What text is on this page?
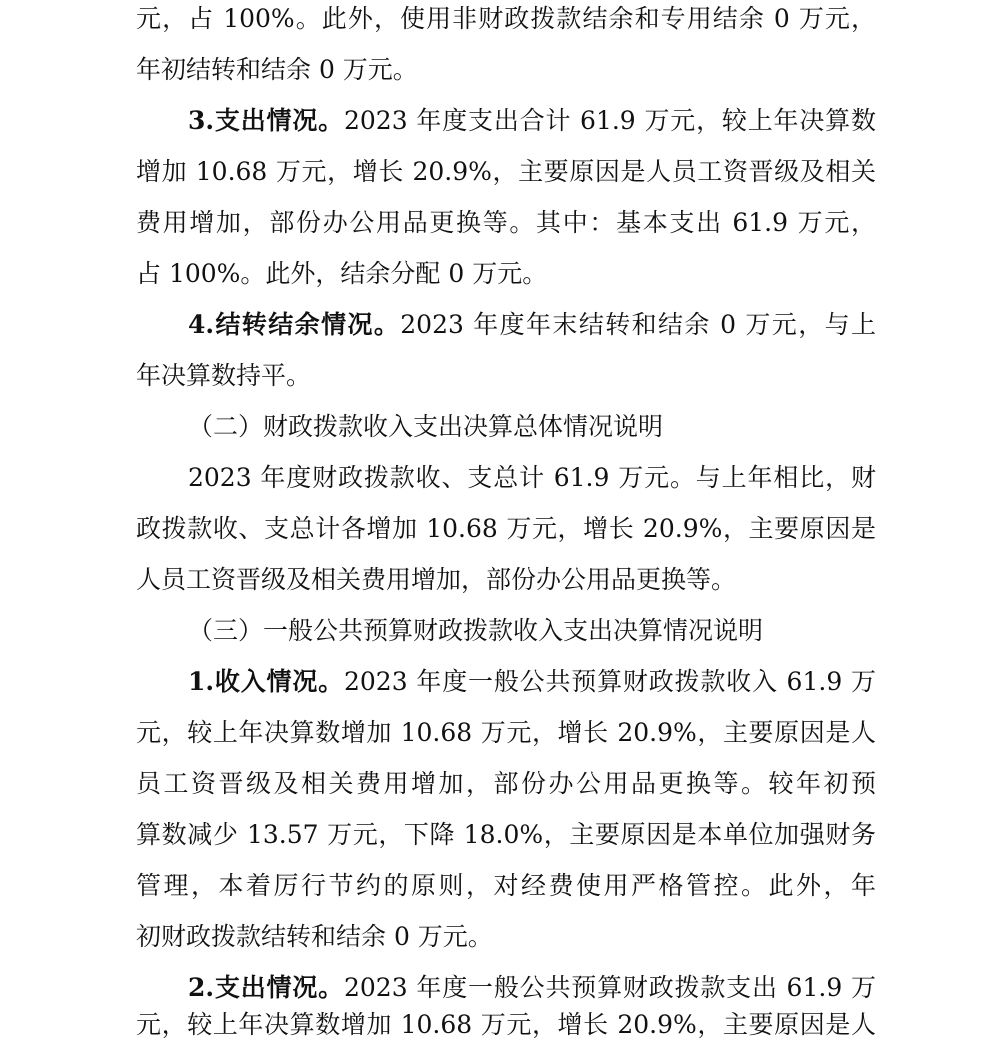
元，占 100%。此外，使用非财政拨款结余和专用结余 0 万元，
年初结转和结余 0 万元。
3.支出情况。2023 年度支出合计 61.9 万元，较上年决算数
增加 10.68 万元，增长 20.9%，主要原因是人员工资晋级及相关
费用增加，部份办公用品更换等。其中：基本支出 61.9 万元，
占 100%。此外，结余分配 0 万元。
4.结转结余情况。2023 年度年末结转和结余 0 万元，与上
年决算数持平。
（二）财政拨款收入支出决算总体情况说明
2023 年度财政拨款收、支总计 61.9 万元。与上年相比，财
政拨款收、支总计各增加 10.68 万元，增长 20.9%，主要原因是
人员工资晋级及相关费用增加，部份办公用品更换等。
（三）一般公共预算财政拨款收入支出决算情况说明
1.收入情况。2023 年度一般公共预算财政拨款收入 61.9 万
元，较上年决算数增加 10.68 万元，增长 20.9%，主要原因是人
员工资晋级及相关费用增加，部份办公用品更换等。较年初预
算数减少 13.57 万元，下降 18.0%，主要原因是本单位加强财务
管理，本着厉行节约的原则，对经费使用严格管控。此外，年
初财政拨款结转和结余 0 万元。
2.支出情况。2023 年度一般公共预算财政拨款支出 61.9 万
元，较上年决算数增加 10.68 万元，增长 20.9%，主要原因是人
